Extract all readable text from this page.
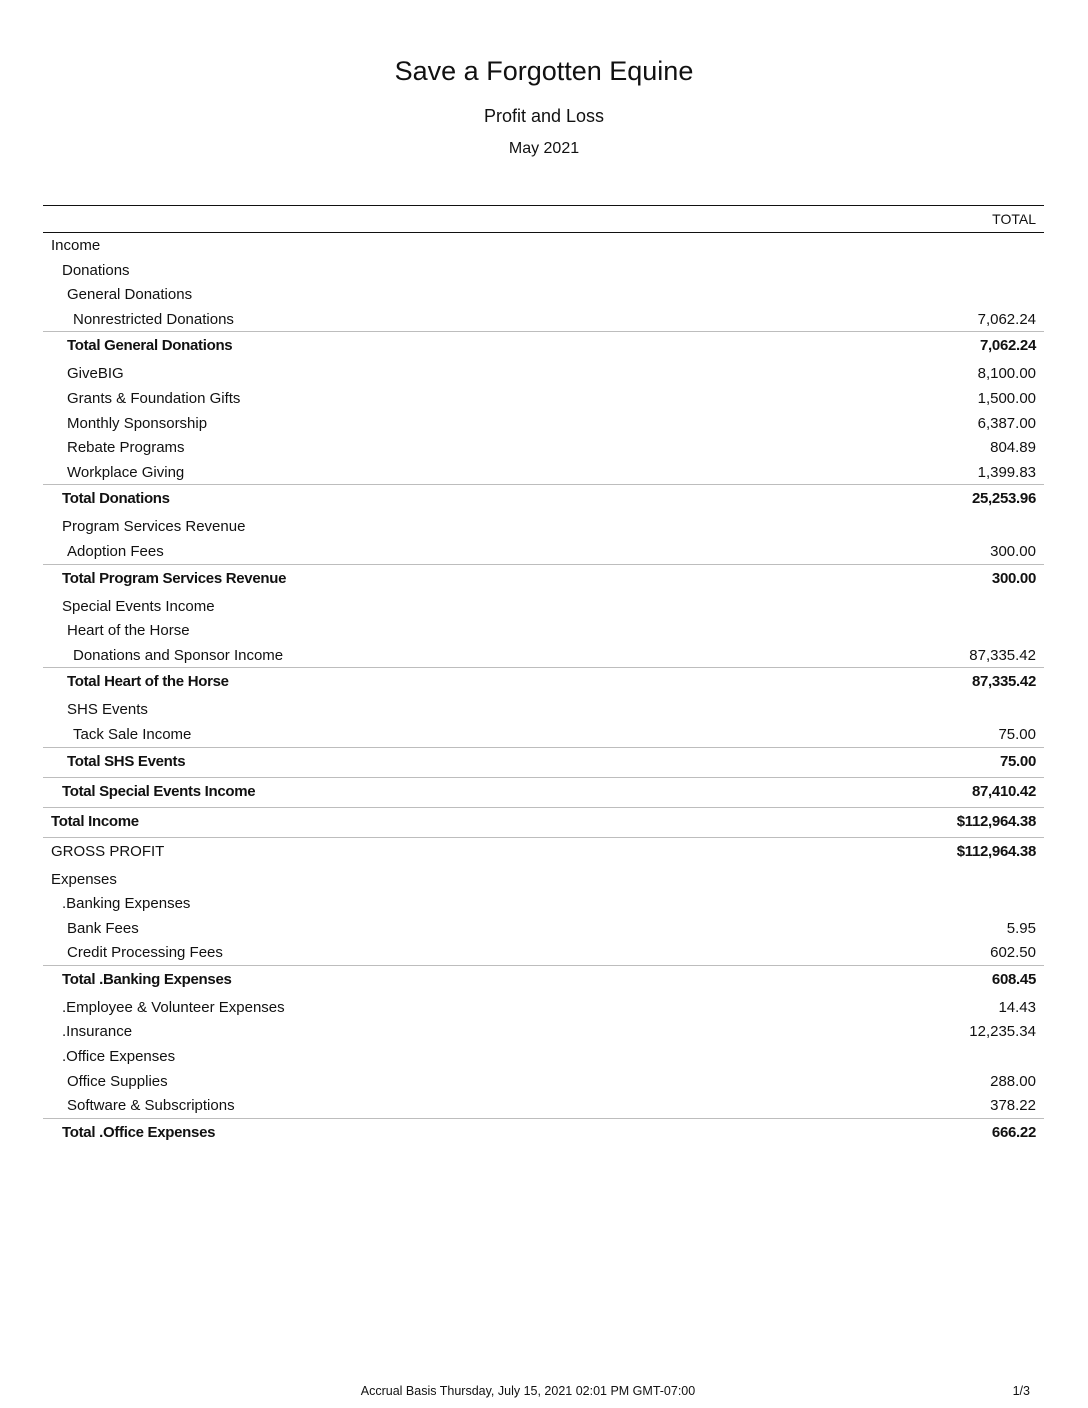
Save a Forgotten Equine
Profit and Loss
May 2021
TOTAL
Income
Donations
General Donations
Nonrestricted Donations	7,062.24
Total General Donations	7,062.24
GiveBIG	8,100.00
Grants & Foundation Gifts	1,500.00
Monthly Sponsorship	6,387.00
Rebate Programs	804.89
Workplace Giving	1,399.83
Total Donations	25,253.96
Program Services Revenue
Adoption Fees	300.00
Total Program Services Revenue	300.00
Special Events Income
Heart of the Horse
Donations and Sponsor Income	87,335.42
Total Heart of the Horse	87,335.42
SHS Events
Tack Sale Income	75.00
Total SHS Events	75.00
Total Special Events Income	87,410.42
Total Income	$112,964.38
GROSS PROFIT	$112,964.38
Expenses
.Banking Expenses
Bank Fees	5.95
Credit Processing Fees	602.50
Total .Banking Expenses	608.45
.Employee & Volunteer Expenses	14.43
.Insurance	12,235.34
.Office Expenses
Office Supplies	288.00
Software & Subscriptions	378.22
Total .Office Expenses	666.22
Accrual Basis Thursday, July 15, 2021 02:01 PM GMT-07:00	1/3
